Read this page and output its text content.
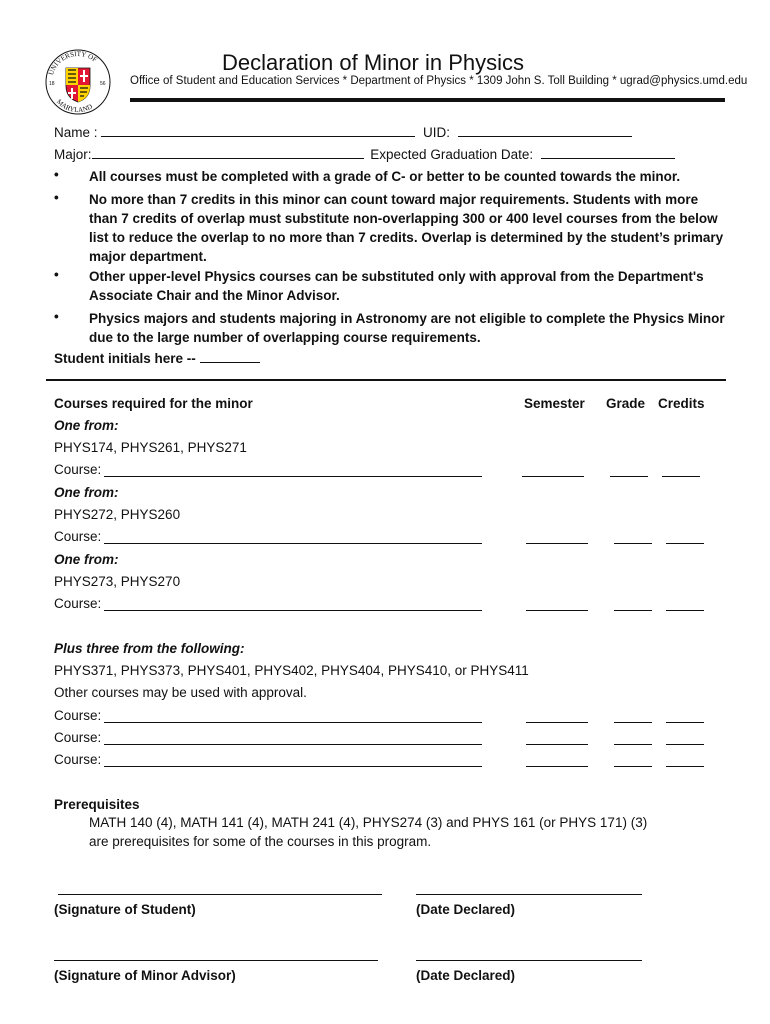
UNIVERSITY OF
MARYLAND
18	56
Declaration of Minor in Physics
Office of Student and Education Services * Department of Physics * 1309 John S. Toll Building * ugrad@physics.umd.edu
Name :	UID:
Major:	Expected Graduation Date:
• All courses must be completed with a grade of C- or better to be counted towards the minor.
• No more than 7 credits in this minor can count toward major requirements. Students with more than 7 credits of overlap must substitute non-overlapping 300 or 400 level courses from the below list to reduce the overlap to no more than 7 credits. Overlap is determined by the student’s primary major department.
• Other upper-level Physics courses can be substituted only with approval from the Department's Associate Chair and the Minor Advisor.
• Physics majors and students majoring in Astronomy are not eligible to complete the Physics Minor due to the large number of overlapping course requirements.
Student initials here --
Courses required for the minor	Semester Grade Credits
One from:
PHYS174, PHYS261, PHYS271
Course:
One from:
PHYS272, PHYS260
Course:
One from:
PHYS273, PHYS270
Course:
Plus three from the following:
PHYS371, PHYS373, PHYS401, PHYS402, PHYS404, PHYS410, or PHYS411
Other courses may be used with approval.
Course:
Course:
Course:
Prerequisites
MATH 140 (4), MATH 141 (4), MATH 241 (4), PHYS274 (3) and PHYS 161 (or PHYS 171) (3)
are prerequisites for some of the courses in this program.
(Signature of Student)	(Date Declared)
(Signature of Minor Advisor)	(Date Declared)
